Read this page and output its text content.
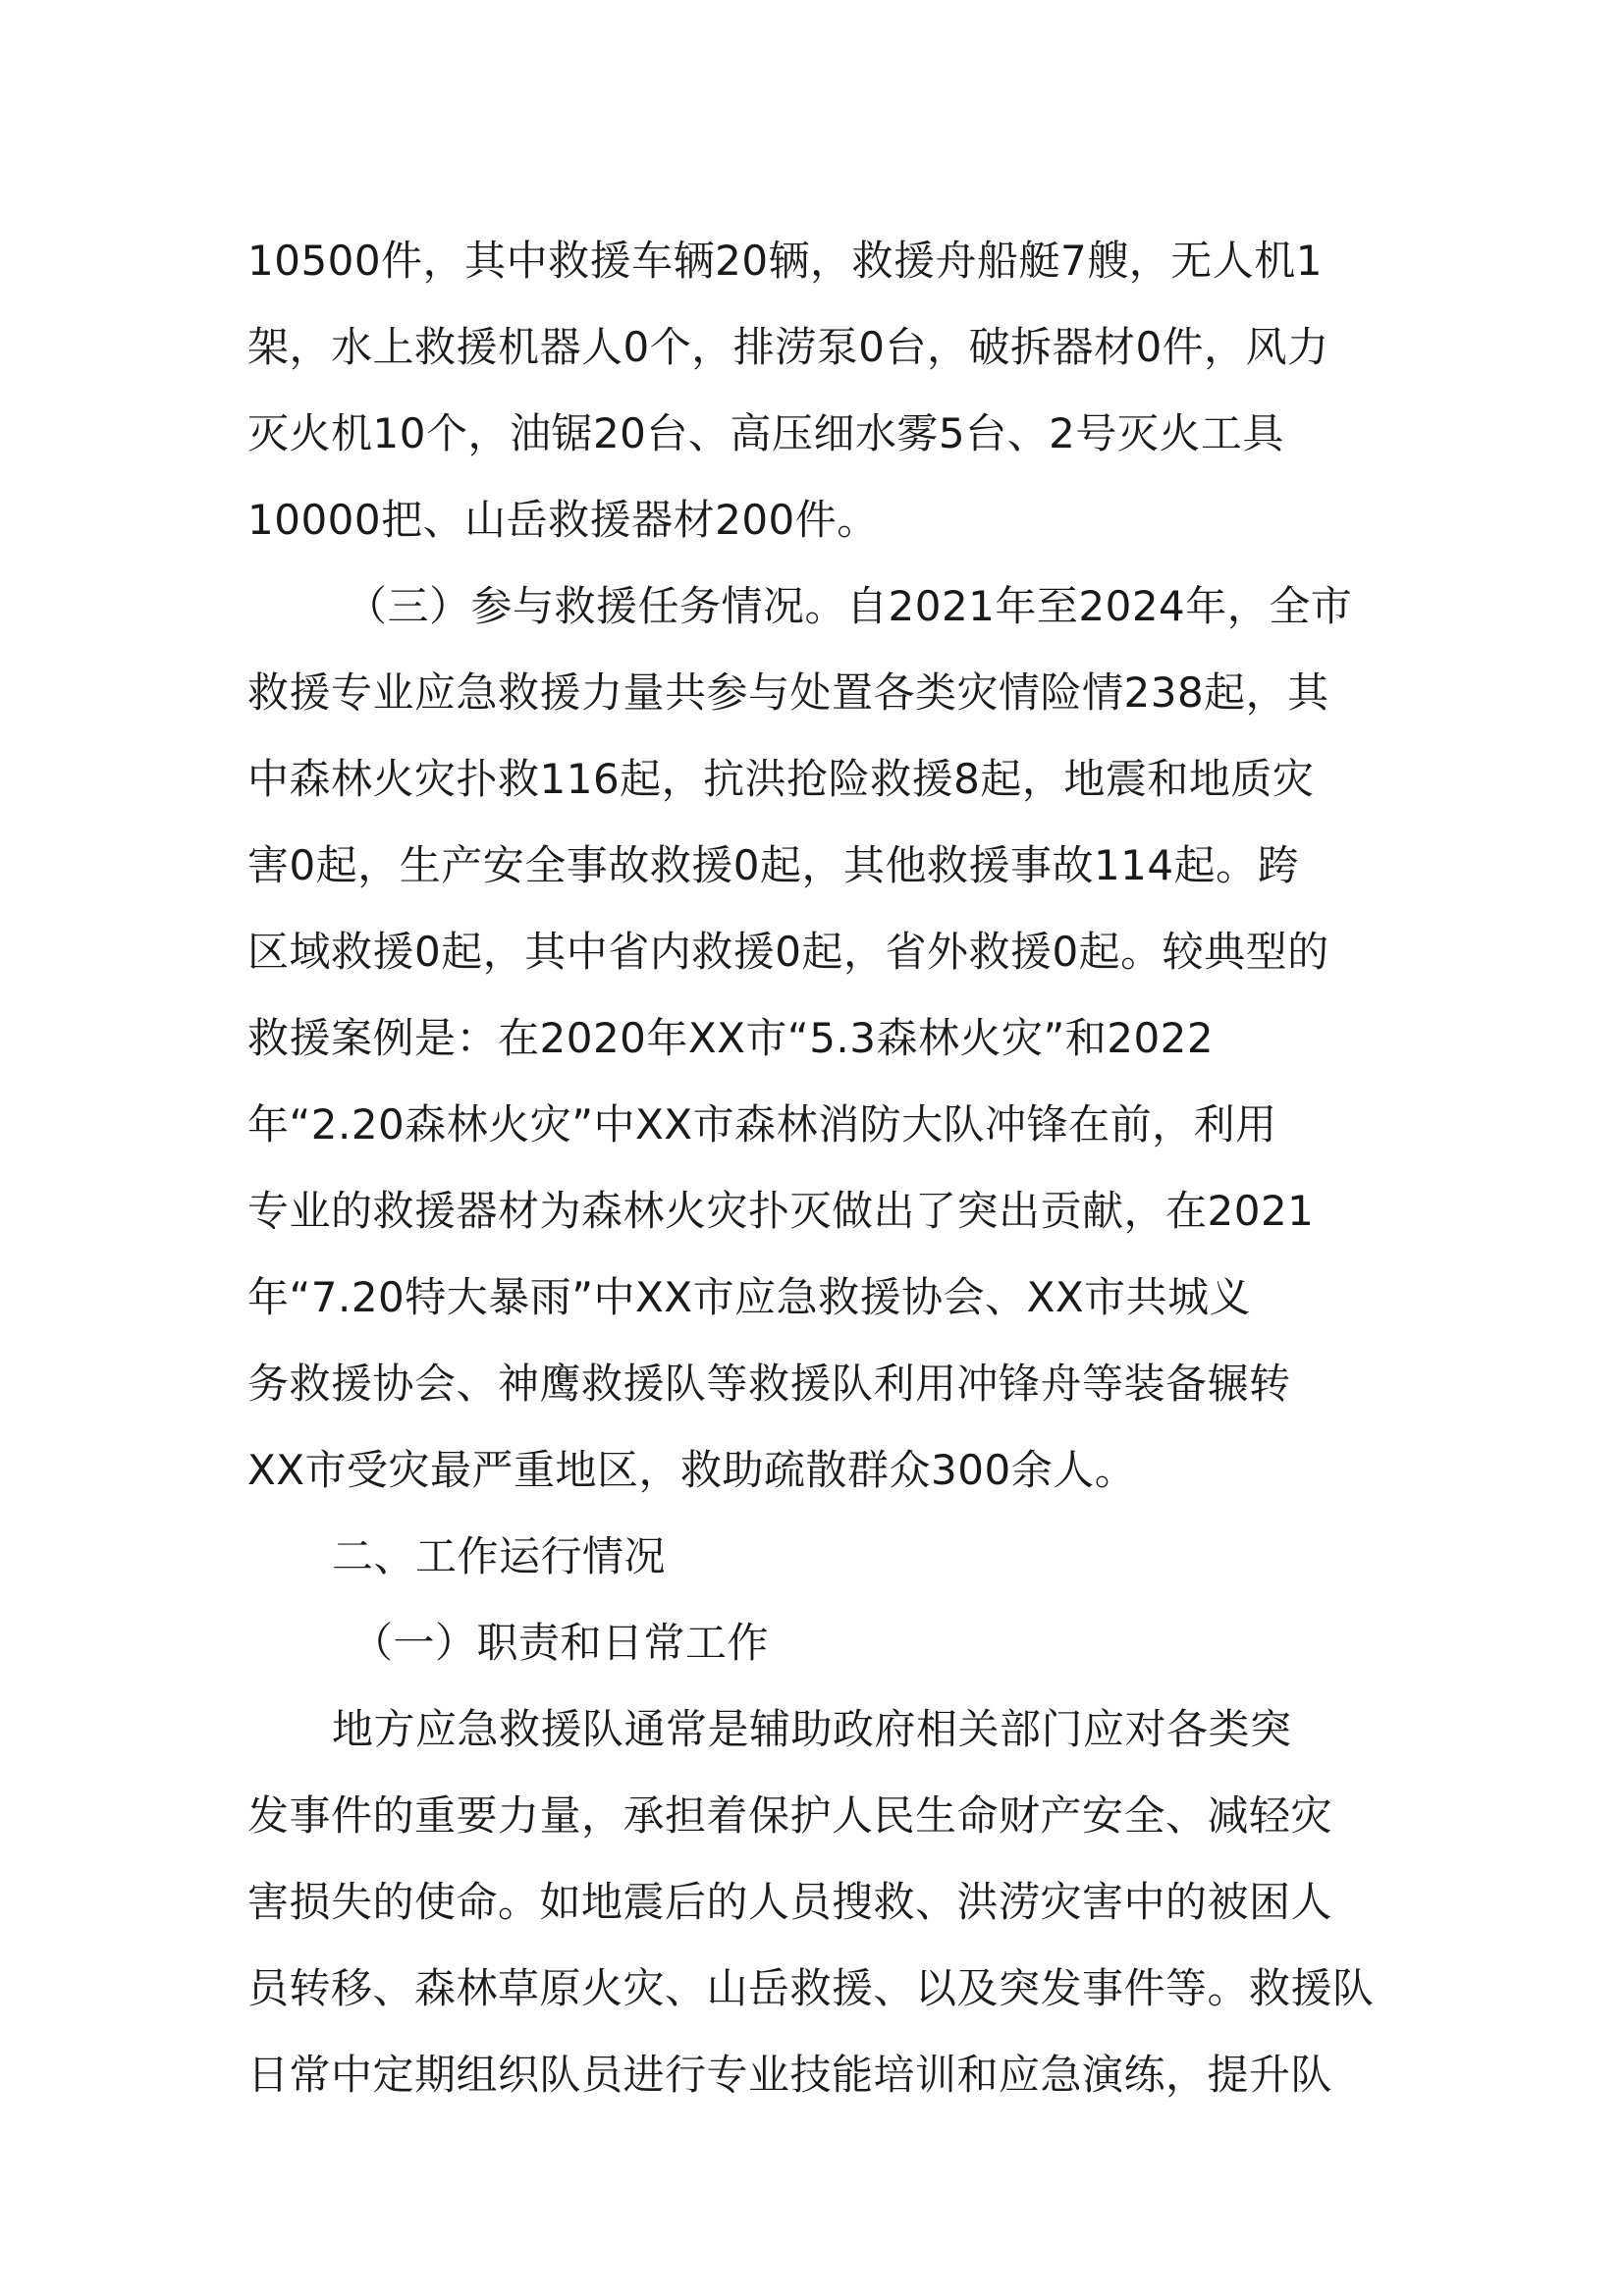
10500件，其中救援车辆20辆，救援舟船艇7艘，无人机1
架，水上救援机器人0个，排涝泵0台，破拆器材0件，风力
灭火机10个，油锯20台、高压细水雾5台、2号灭火工具
10000把、山岳救援器材200件。
（三）参与救援任务情况。自2021年至2024年，全市
救援专业应急救援力量共参与处置各类灾情险情238起，其
中森林火灾扑救116起，抗洪抢险救援8起，地震和地质灾
害0起，生产安全事故救援0起，其他救援事故114起。跨
区域救援0起，其中省内救援0起，省外救援0起。较典型的
救援案例是：在2020年XX市“5.3森林火灾”和2022
年“2.20森林火灾”中XX市森林消防大队冲锋在前，利用
专业的救援器材为森林火灾扑灭做出了突出贡献，在2021
年“7.20特大暴雨”中XX市应急救援协会、XX市共城义
务救援协会、神鹰救援队等救援队利用冲锋舟等装备辗转
XX市受灾最严重地区，救助疏散群众300余人。
二、工作运行情况
（一）职责和日常工作
地方应急救援队通常是辅助政府相关部门应对各类突
发事件的重要力量，承担着保护人民生命财产安全、减轻灾
害损失的使命。如地震后的人员搜救、洪涝灾害中的被困人
员转移、森林草原火灾、山岳救援、以及突发事件等。救援队
日常中定期组织队员进行专业技能培训和应急演练，提升队
